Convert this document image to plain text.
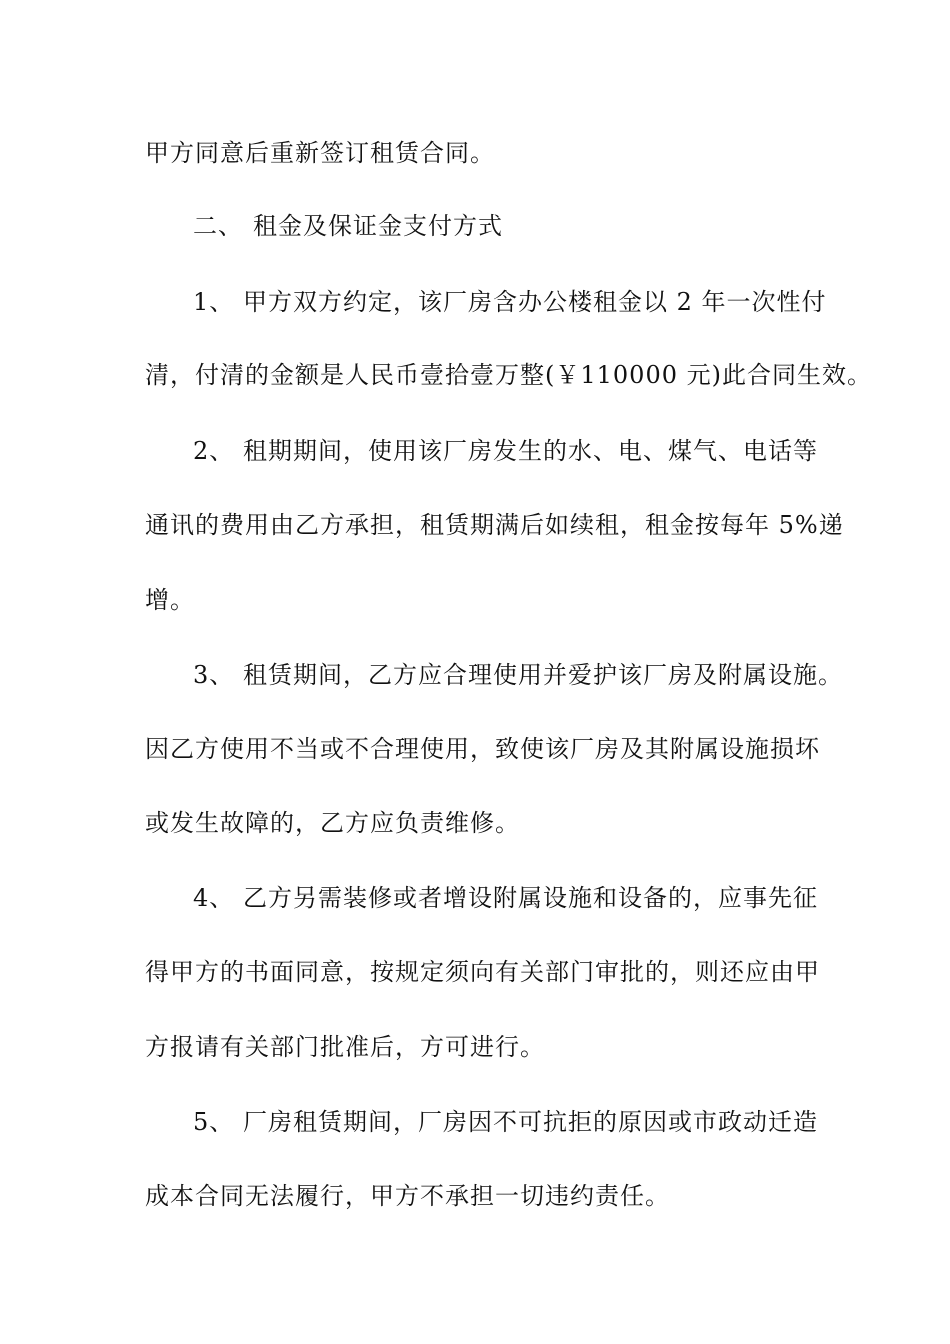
甲方同意后重新签订租赁合同。
二、 租金及保证金支付方式
1、 甲方双方约定，该厂房含办公楼租金以 2 年一次性付
清，付清的金额是人民币壹拾壹万整(￥110000 元)此合同生效。
2、 租期期间，使用该厂房发生的水、电、煤气、电话等
通讯的费用由乙方承担，租赁期满后如续租，租金按每年 5%递
增。
3、 租赁期间，乙方应合理使用并爱护该厂房及附属设施。
因乙方使用不当或不合理使用，致使该厂房及其附属设施损坏
或发生故障的，乙方应负责维修。
4、 乙方另需装修或者增设附属设施和设备的，应事先征
得甲方的书面同意，按规定须向有关部门审批的，则还应由甲
方报请有关部门批准后，方可进行。
5、 厂房租赁期间，厂房因不可抗拒的原因或市政动迁造
成本合同无法履行，甲方不承担一切违约责任。
